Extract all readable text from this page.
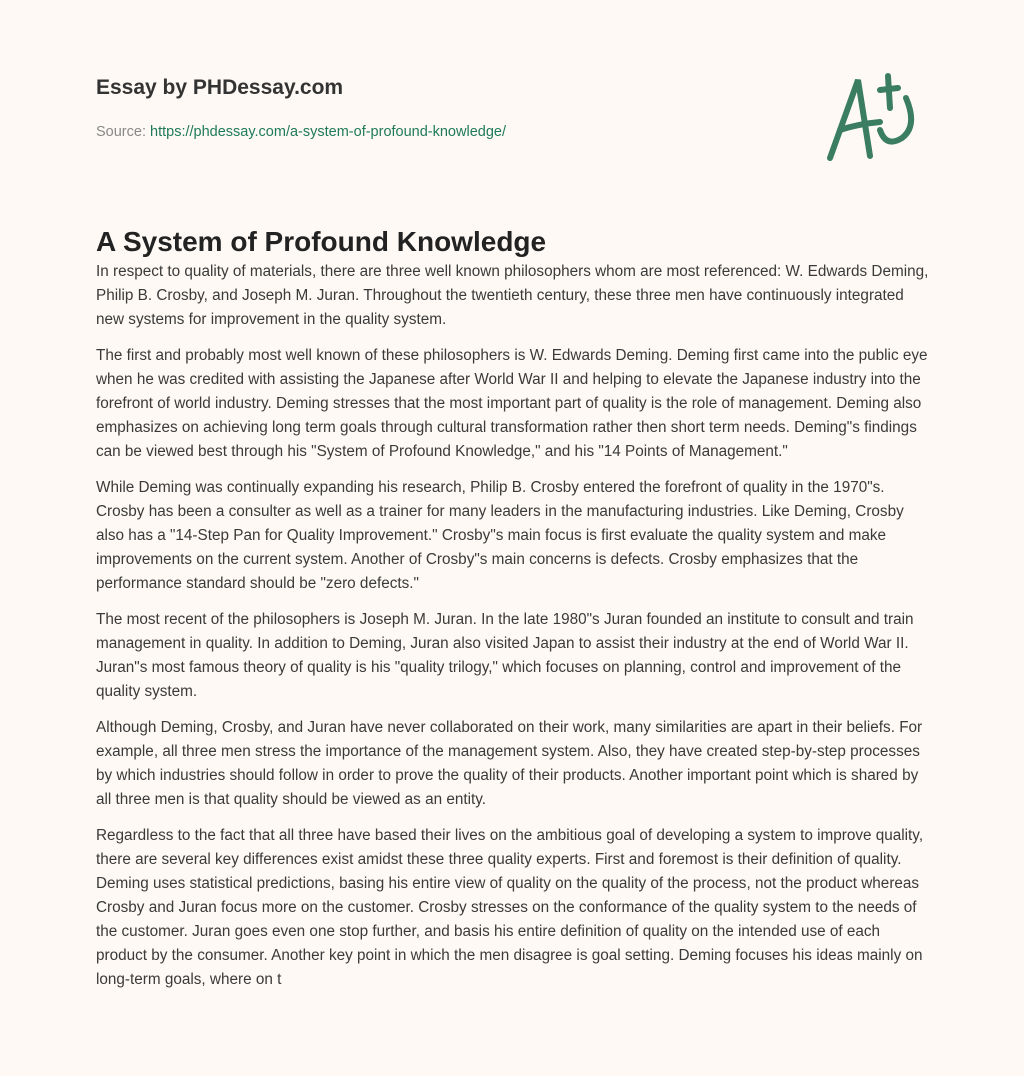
Essay by PHDessay.com
Source: https://phdessay.com/a-system-of-profound-knowledge/
A System of Profound Knowledge

In respect to quality of materials, there are three well known philosophers whom are most referenced: W. Edwards Deming, Philip B. Crosby, and Joseph M. Juran. Throughout the twentieth century, these three men have continuously integrated new systems for improvement in the quality system.

The first and probably most well known of these philosophers is W. Edwards Deming. Deming first came into the public eye when he was credited with assisting the Japanese after World War II and helping to elevate the Japanese industry into the forefront of world industry. Deming stresses that the most important part of quality is the role of management. Deming also emphasizes on achieving long term goals through cultural transformation rather then short term needs. Deming"s findings can be viewed best through his "System of Profound Knowledge," and his "14 Points of Management."

While Deming was continually expanding his research, Philip B. Crosby entered the forefront of quality in the 1970"s. Crosby has been a consulter as well as a trainer for many leaders in the manufacturing industries. Like Deming, Crosby also has a "14-Step Pan for Quality Improvement." Crosby"s main focus is first evaluate the quality system and make improvements on the current system. Another of Crosby"s main concerns is defects. Crosby emphasizes that the performance standard should be "zero defects."

The most recent of the philosophers is Joseph M. Juran. In the late 1980"s Juran founded an institute to consult and train management in quality. In addition to Deming, Juran also visited Japan to assist their industry at the end of World War II. Juran"s most famous theory of quality is his "quality trilogy," which focuses on planning, control and improvement of the quality system.

Although Deming, Crosby, and Juran have never collaborated on their work, many similarities are apart in their beliefs. For example, all three men stress the importance of the management system. Also, they have created step-by-step processes by which industries should follow in order to prove the quality of their products. Another important point which is shared by all three men is that quality should be viewed as an entity.

Regardless to the fact that all three have based their lives on the ambitious goal of developing a system to improve quality, there are several key differences exist amidst these three quality experts. First and foremost is their definition of quality. Deming uses statistical predictions, basing his entire view of quality on the quality of the process, not the product whereas Crosby and Juran focus more on the customer. Crosby stresses on the conformance of the quality system to the needs of the customer. Juran goes even one stop further, and basis his entire definition of quality on the intended use of each product by the consumer. Another key point in which the men disagree is goal setting. Deming focuses his ideas mainly on long-term goals, where on t
